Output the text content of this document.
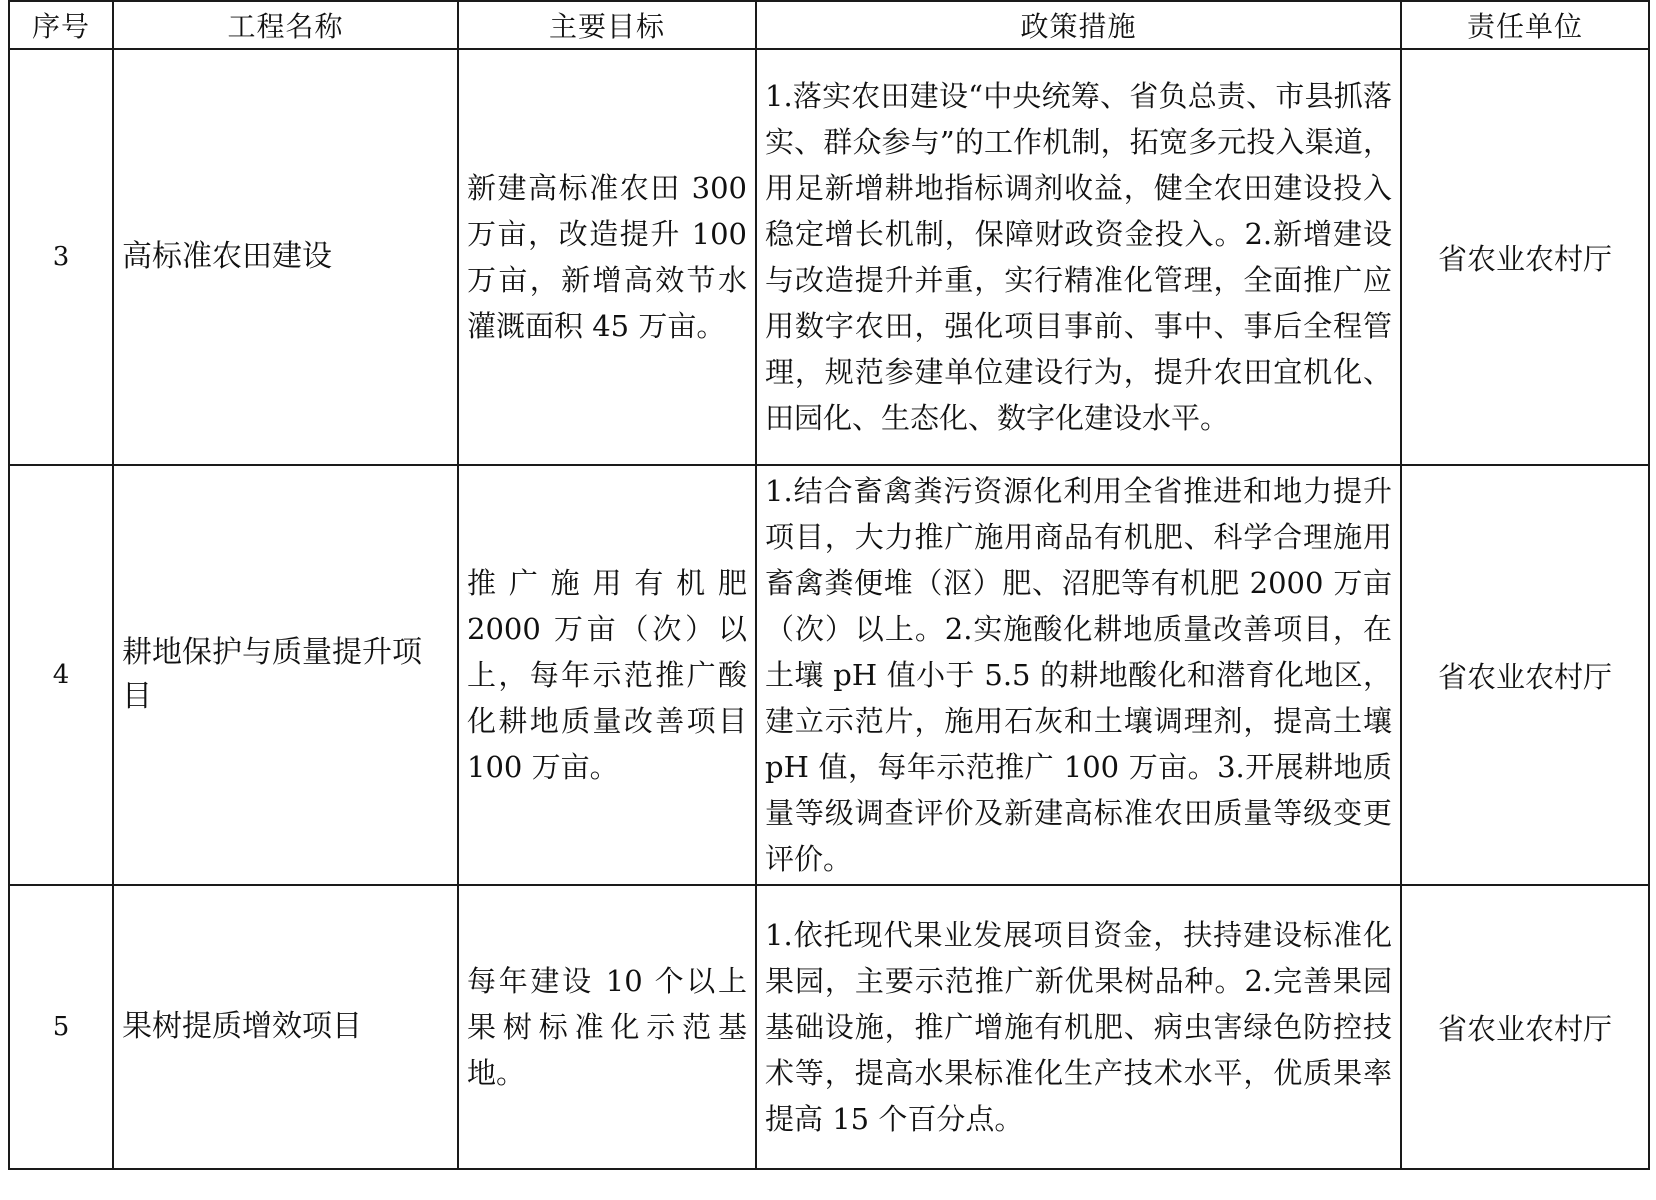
序号	工程名称	主要目标	政策措施	责任单位
3	高标准农田建设	新建高标准农田 300 万亩，改造提升 100 万亩，新增高效节水灌溉面积 45 万亩。	1.落实农田建设“中央统筹、省负总责、市县抓落实、群众参与”的工作机制，拓宽多元投入渠道，用足新增耕地指标调剂收益，健全农田建设投入稳定增长机制，保障财政资金投入。2.新增建设与改造提升并重，实行精准化管理，全面推广应用数字农田，强化项目事前、事中、事后全程管理，规范参建单位建设行为，提升农田宜机化、田园化、生态化、数字化建设水平。	省农业农村厅
4	耕地保护与质量提升项目	推广施用有机肥 2000 万亩（次）以上，每年示范推广酸化耕地质量改善项目 100 万亩。	1.结合畜禽粪污资源化利用全省推进和地力提升项目，大力推广施用商品有机肥、科学合理施用畜禽粪便堆（沤）肥、沼肥等有机肥 2000 万亩（次）以上。2.实施酸化耕地质量改善项目，在土壤 pH 值小于 5.5 的耕地酸化和潜育化地区，建立示范片，施用石灰和土壤调理剂，提高土壤 pH 值，每年示范推广 100 万亩。3.开展耕地质量等级调查评价及新建高标准农田质量等级变更评价。	省农业农村厅
5	果树提质增效项目	每年建设 10 个以上果树标准化示范基地。	1.依托现代果业发展项目资金，扶持建设标准化果园，主要示范推广新优果树品种。2.完善果园基础设施，推广增施有机肥、病虫害绿色防控技术等，提高水果标准化生产技术水平，优质果率提高 15 个百分点。	省农业农村厅
